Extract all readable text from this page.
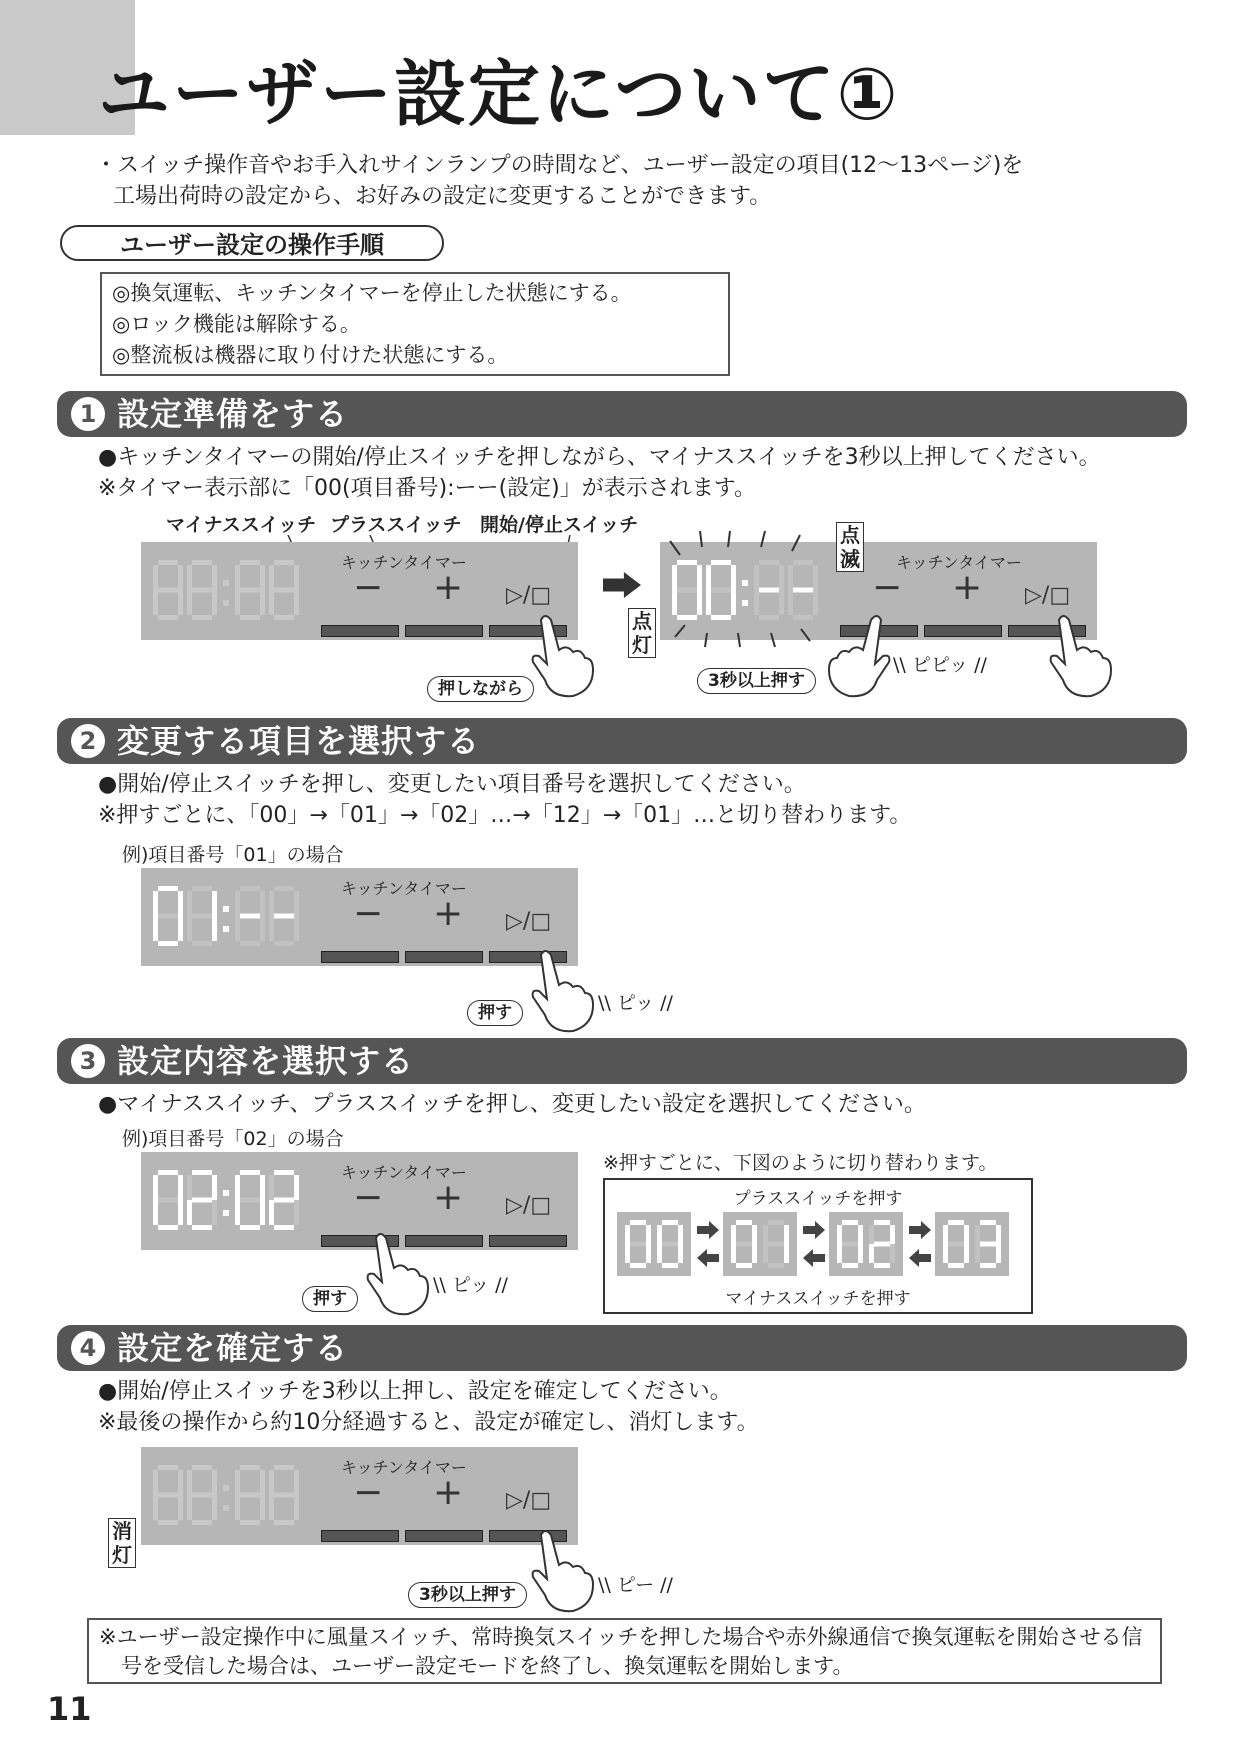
ユーザー設定について①
・スイッチ操作音やお手入れサインランプの時間など、ユーザー設定の項目(12〜13ページ)を
工場出荷時の設定から、お好みの設定に変更することができます。
ユーザー設定の操作手順
◎換気運転、キッチンタイマーを停止した状態にする。
◎ロック機能は解除する。
◎整流板は機器に取り付けた状態にする。
1 設定準備をする
●キッチンタイマーの開始/停止スイッチを押しながら、マイナススイッチを3秒以上押してください。
※タイマー表示部に「00(項目番号):ーー(設定)」が表示されます。
マイナススイッチ プラススイッチ 開始/停止スイッチ
キッチンタイマー
− + ▷/□
押しながら
キッチンタイマー
− + ▷/□
点滅
点灯
3秒以上押す
\\ ピピッ //
2 変更する項目を選択する
●開始/停止スイッチを押し、変更したい項目番号を選択してください。
※押すごとに、「00」→「01」→「02」…→「12」→「01」…と切り替わります。
例)項目番号「01」の場合
キッチンタイマー
− + ▷/□
押す	\\ ピッ //
3 設定内容を選択する
●マイナススイッチ、プラススイッチを押し、変更したい設定を選択してください。
例)項目番号「02」の場合
キッチンタイマー
− + ▷/□
押す
\\ ピッ //
※押すごとに、下図のように切り替わります。
プラススイッチを押す
マイナススイッチを押す
4 設定を確定する
●開始/停止スイッチを3秒以上押し、設定を確定してください。
※最後の操作から約10分経過すると、設定が確定し、消灯します。
キッチンタイマー
− + ▷/□
消灯
3秒以上押す	\\ ピー //
※ユーザー設定操作中に風量スイッチ、常時換気スイッチを押した場合や赤外線通信で換気運転を開始させる信
号を受信した場合は、ユーザー設定モードを終了し、換気運転を開始します。
11
